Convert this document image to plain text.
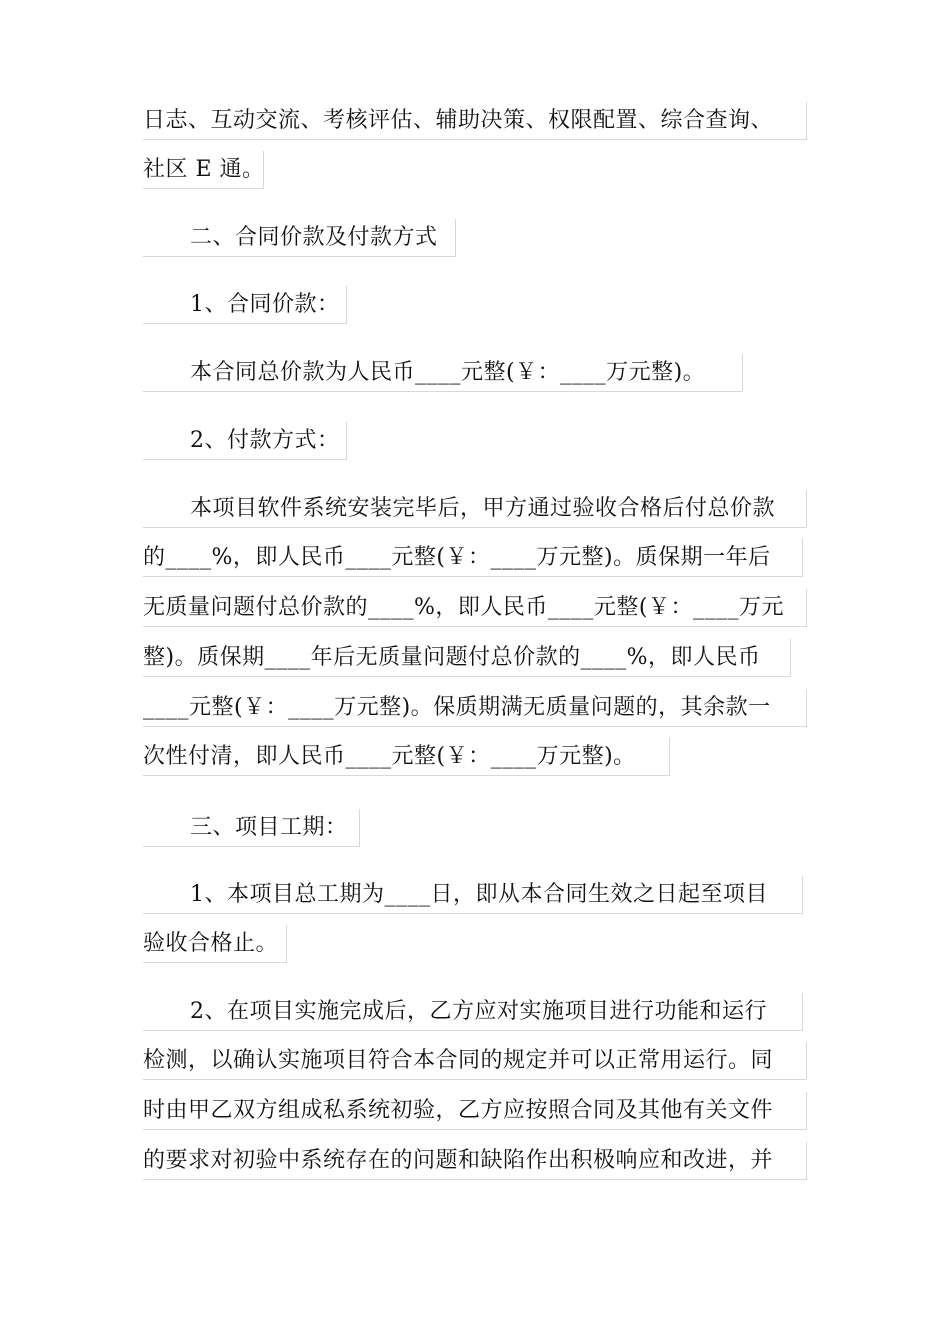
日志、互动交流、考核评估、辅助决策、权限配置、综合查询、
社区 E 通。
二、合同价款及付款方式
1、合同价款：
本合同总价款为人民币____元整(￥：____万元整)。
2、付款方式：
本项目软件系统安装完毕后，甲方通过验收合格后付总价款
的____%，即人民币____元整(￥：____万元整)。质保期一年后
无质量问题付总价款的____%，即人民币____元整(￥：____万元
整)。质保期____年后无质量问题付总价款的____%，即人民币
____元整(￥：____万元整)。保质期满无质量问题的，其余款一
次性付清，即人民币____元整(￥：____万元整)。
三、项目工期：
1、本项目总工期为____日，即从本合同生效之日起至项目
验收合格止。
2、在项目实施完成后，乙方应对实施项目进行功能和运行
检测，以确认实施项目符合本合同的规定并可以正常用运行。同
时由甲乙双方组成私系统初验，乙方应按照合同及其他有关文件
的要求对初验中系统存在的问题和缺陷作出积极响应和改进，并
